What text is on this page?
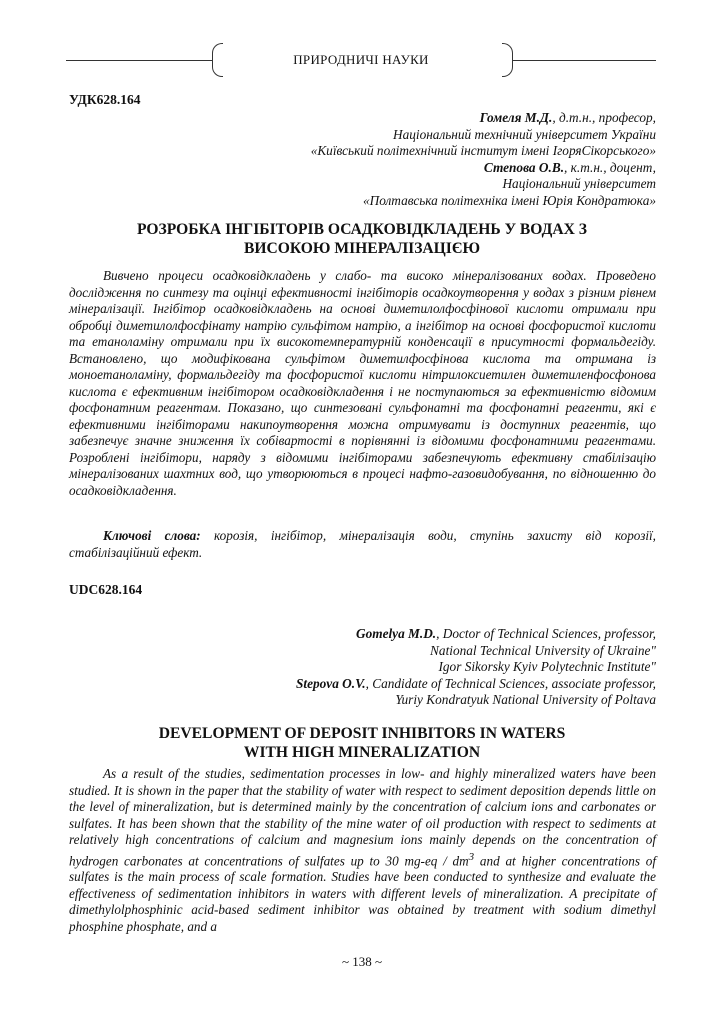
ПРИРОДНИЧІ НАУКИ
УДК628.164
Гомеля М.Д., д.т.н., професор,
Національний технічний університет України
«Київський політехнічний інститут імені ІгоряСікорського»
Степова О.В., к.т.н., доцент,
Національний університет
«Полтавська політехніка імені Юрія Кондратюка»
РОЗРОБКА ІНГІБІТОРІВ ОСАДКОВІДКЛАДЕНЬ У ВОДАХ З
ВИСОКОЮ МІНЕРАЛІЗАЦІЄЮ
Вивчено процеси осадковідкладень у слабо- та високо мінералізованих водах. Проведено дослідження по синтезу та оцінці ефективності інгібіторів осадкоутворення у водах з різним рівнем мінералізації. Інгібітор осадковідкладень на основі диметилолфосфінової кислоти отримали при обробці диметилолфосфінату натрію сульфітом натрію, а інгібітор на основі фосфористої кислоти та етаноламіну отримали при їх високотемпературній конденсації в присутності формальдегіду. Встановлено, що модифікована сульфітом диметилфосфінова кислота та отримана із моноетаноламіну, формальдегіду та фосфористої кислоти нітрилоксиетилен диметиленфосфонова кислота є ефективним інгібітором осадковідкладення і не поступаються за ефективністю відомим фосфонатним реагентам. Показано, що синтезовані сульфонатні та фосфонатні реагенти, які є ефективними інгібіторами накипоутворення можна отримувати із доступних реагентів, що забезпечує значне зниження їх собівартості в порівнянні із відомими фосфонатними реагентами. Розроблені інгібітори, наряду з відомими інгібіторами забезпечують ефективну стабілізацію мінералізованих шахтних вод, що утворюються в процесі нафто-газовидобування, по відношенню до осадковідкладення.
Ключові слова: корозія, інгібітор, мінералізація води, ступінь захисту від корозії, стабілізаційний ефект.
UDC628.164
Gomelya M.D., Doctor of Technical Sciences, professor,
National Technical University of Ukraine"
Igor Sikorsky Kyiv Polytechnic Institute"
Stepova O.V., Candidate of Technical Sciences, associate professor,
Yuriy Kondratyuk National University of Poltava
DEVELOPMENT OF DEPOSIT INHIBITORS IN WATERS
WITH HIGH MINERALIZATION
As a result of the studies, sedimentation processes in low- and highly mineralized waters have been studied. It is shown in the paper that the stability of water with respect to sediment deposition depends little on the level of mineralization, but is determined mainly by the concentration of calcium ions and carbonates or sulfates. It has been shown that the stability of the mine water of oil production with respect to sediments at relatively high concentrations of calcium and magnesium ions mainly depends on the concentration of hydrogen carbonates at concentrations of sulfates up to 30 $mg-eq / dm^3$ and at higher concentrations of sulfates is the main process of scale formation. Studies have been conducted to synthesize and evaluate the effectiveness of sedimentation inhibitors in waters with different levels of mineralization. A precipitate of dimethylolphosphinic acid-based sediment inhibitor was obtained by treatment with sodium dimethyl phosphine phosphate, and a
~ 138 ~
